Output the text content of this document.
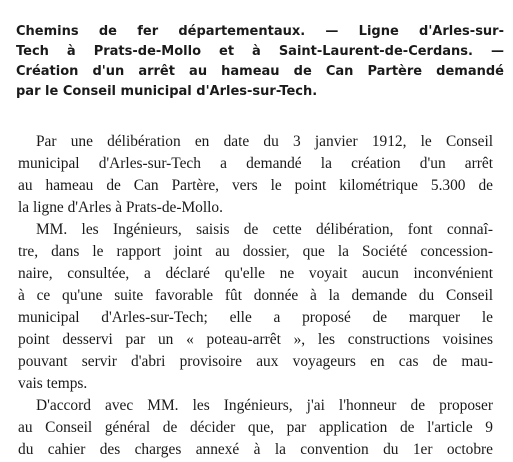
Chemins de fer départementaux. — Ligne d'Arles-sur-

Tech à Prats-de-Mollo et à Saint-Laurent-de-Cerdans. —

Création d'un arrêt au hameau de Can Partère demandé

par le Conseil municipal d'Arles-sur-Tech.

Par une délibération en date du 3 janvier 1912, le Conseil

municipal d'Arles-sur-Tech a demandé la création d'un arrêt

au hameau de Can Partère, vers le point kilométrique 5.300 de

la ligne d'Arles à Prats-de-Mollo.

MM. les Ingénieurs, saisis de cette délibération, font connaî-

tre, dans le rapport joint au dossier, que la Société concession-

naire, consultée, a déclaré qu'elle ne voyait aucun inconvénient

à ce qu'une suite favorable fût donnée à la demande du Conseil

municipal d'Arles-sur-Tech; elle a proposé de marquer le

point desservi par un « poteau-arrêt », les constructions voisines

pouvant servir d'abri provisoire aux voyageurs en cas de mau-

vais temps.

D'accord avec MM. les Ingénieurs, j'ai l'honneur de proposer

au Conseil général de décider que, par application de l'article 9

du cahier des charges annexé à la convention du 1er octobre
